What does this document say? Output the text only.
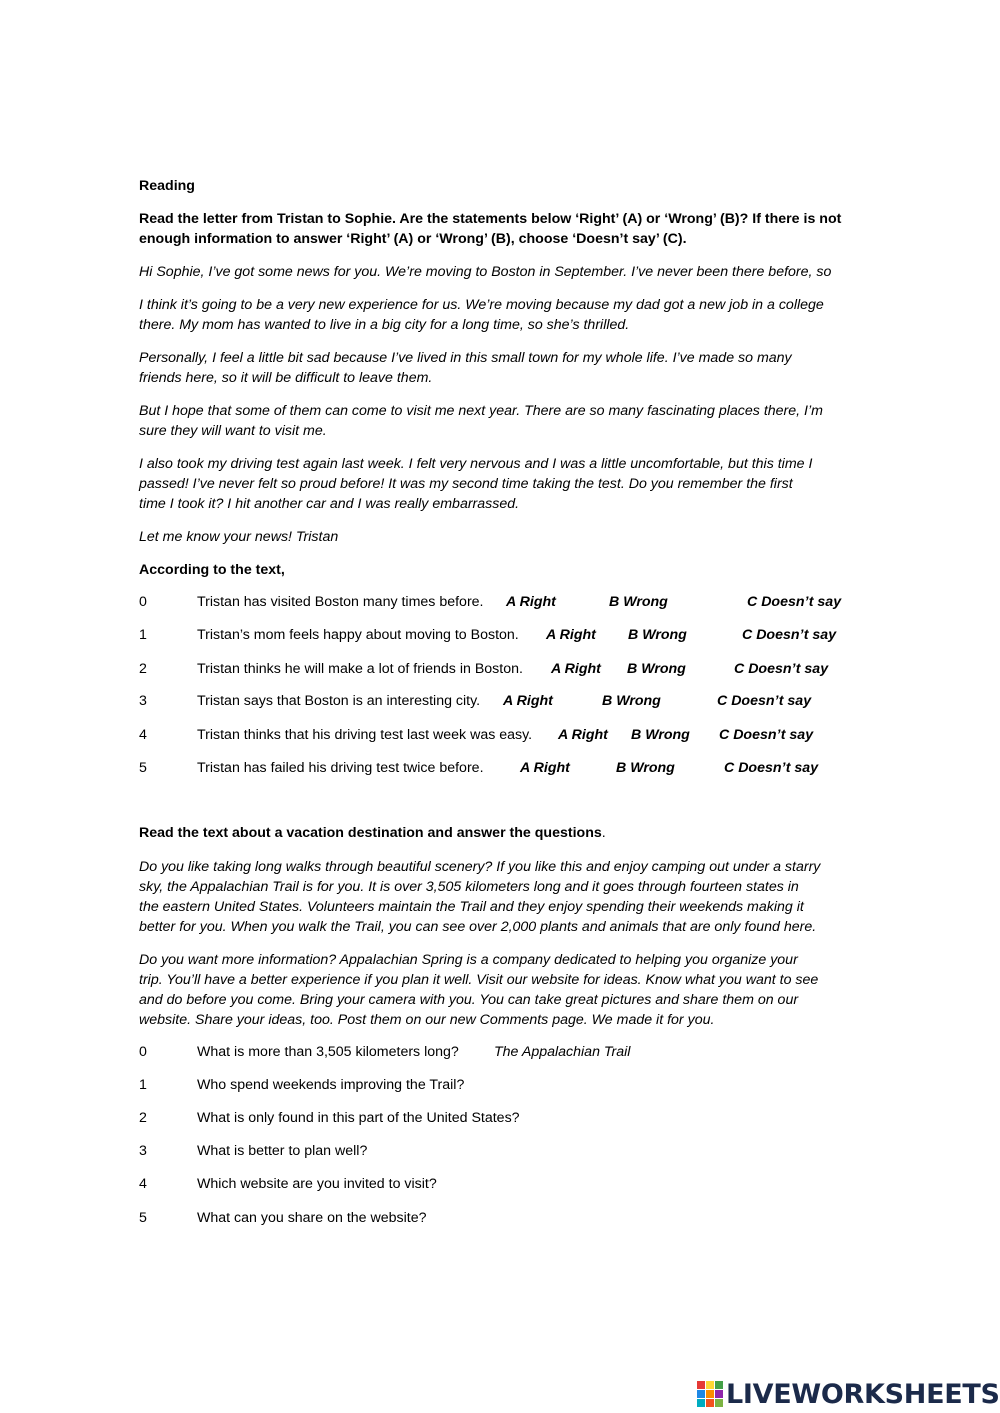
Reading
Read the letter from Tristan to Sophie. Are the statements below ‘Right’ (A) or ‘Wrong’ (B)? If there is not
enough information to answer ‘Right’ (A) or ‘Wrong’ (B), choose ‘Doesn’t say’ (C).
Hi Sophie, I’ve got some news for you. We’re moving to Boston in September. I’ve never been there before, so
I think it’s going to be a very new experience for us. We’re moving because my dad got a new job in a college
there. My mom has wanted to live in a big city for a long time, so she’s thrilled.
Personally, I feel a little bit sad because I’ve lived in this small town for my whole life. I’ve made so many
friends here, so it will be difficult to leave them.
But I hope that some of them can come to visit me next year. There are so many fascinating places there, I’m
sure they will want to visit me.
I also took my driving test again last week. I felt very nervous and I was a little uncomfortable, but this time I
passed! I’ve never felt so proud before! It was my second time taking the test. Do you remember the first
time I took it? I hit another car and I was really embarrassed.
Let me know your news! Tristan
According to the text,
0	Tristan has visited Boston many times before. A Right	B Wrong	C Doesn’t say
1	Tristan’s mom feels happy about moving to Boston. A Right B Wrong	C Doesn’t say
2	Tristan thinks he will make a lot of friends in Boston. A Right B Wrong	C Doesn’t say
3	Tristan says that Boston is an interesting city. A Right	B Wrong	C Doesn’t say
4	Tristan thinks that his driving test last week was easy. A Right B Wrong C Doesn’t say
5	Tristan has failed his driving test twice before.	A Right	B Wrong	C Doesn’t say
Read the text about a vacation destination and answer the questions.
Do you like taking long walks through beautiful scenery? If you like this and enjoy camping out under a starry
sky, the Appalachian Trail is for you. It is over 3,505 kilometers long and it goes through fourteen states in
the eastern United States. Volunteers maintain the Trail and they enjoy spending their weekends making it
better for you. When you walk the Trail, you can see over 2,000 plants and animals that are only found here.
Do you want more information? Appalachian Spring is a company dedicated to helping you organize your
trip. You’ll have a better experience if you plan it well. Visit our website for ideas. Know what you want to see
and do before you come. Bring your camera with you. You can take great pictures and share them on our
website. Share your ideas, too. Post them on our new Comments page. We made it for you.
0	What is more than 3,505 kilometers long? The Appalachian Trail
1	Who spend weekends improving the Trail?
2	What is only found in this part of the United States?
3	What is better to plan well?
4	Which website are you invited to visit?
5	What can you share on the website?
LIVEWORKSHEETS
